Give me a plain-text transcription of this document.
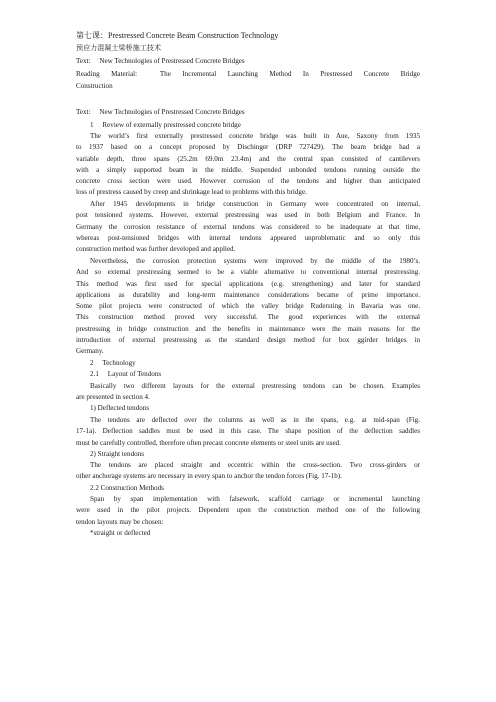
第七课：Prestressed Concrete Beam Construction Technology
预应力混凝土梁桥施工技术
Text:     New Technologies of Prestressed Concrete Bridges
Reading  Material:    The  Incremental  Launching  Method  In  Prestressed  Concrete  Bridge
Construction
Text:     New Technologies of Prestressed Concrete Bridges
1     Review of externally prestressed concrete bridge
The world’s first externally prestressed concrete bridge was built in Aue, Saxony from 1935
to 1937 based on a concept proposed by Dischinger (DRP 727429). The beam bridge had a
variable depth, three spans (25.2m 69.0m 23.4m) and the central span consisted of cantilevers
with a simply supported beam in the middle. Suspended unbonded tendons running outside the
concrete cross section were used. However corrosion of the tendons and higher than anticipated
loss of prestress caused by creep and shrinkage lead to problems with this bridge.
After 1945 developments in bridge construction in Germany were concentrated on internal,
post tensioned systems. However, external prestressing was used in both Belgium and France. In
Germany the corrosion resistance of external tendons was considered to be inadequate at that time,
whereas post-tensioned bridges with internal tendons appeared unproblematic and so only this
construction method was further developed and applied.
Nevertheless, the corrosion protection systems were improved by the middle of the 1980’s.
And so external prestressing seemed to be a viable alternative to conventional internal prestressing.
This method was first used for special applications (e.g. strengthening) and later for standard
applications as durability and long-term maintenance considerations became of prime importance.
Some pilot projects were constructed of which the valley bridge Rudersting in Bavaria was one.
This construction method proved very successful. The good experiences with the external
prestressing in bridge construction and the benefits in maintenance were the main reasons for the
introduction of external prestressing as the standard design method for box ggirder bridges in
Germany.
2     Technology
2.1     Layout of Tendons
Basically two different layouts for the external prestressing tendons can be chosen. Examples
are presented in section 4.
1) Deflected tendons
The tendons are deflected over the columns as well as in the spans, e.g. at mid-span (Fig.
17-1a). Deflection saddles must be used in this case. The shape position of the deflection saddles
must be carefully controlled, therefore often precast concrete elements or steel units are used.
2) Straight tendons
The tendons are placed straight and eccentric within the cross-section. Two cross-girders or
other anchorage systems are necessary in every span to anchor the tendon forces (Fig. 17-1b).
2.2 Construction Methods
Span by span implementation with falsework, scaffold carriage or incremental launching
were used in the pilot projects. Dependent upon the construction method one of the following
tendon layouts may be chosen:
*straight or deflected
